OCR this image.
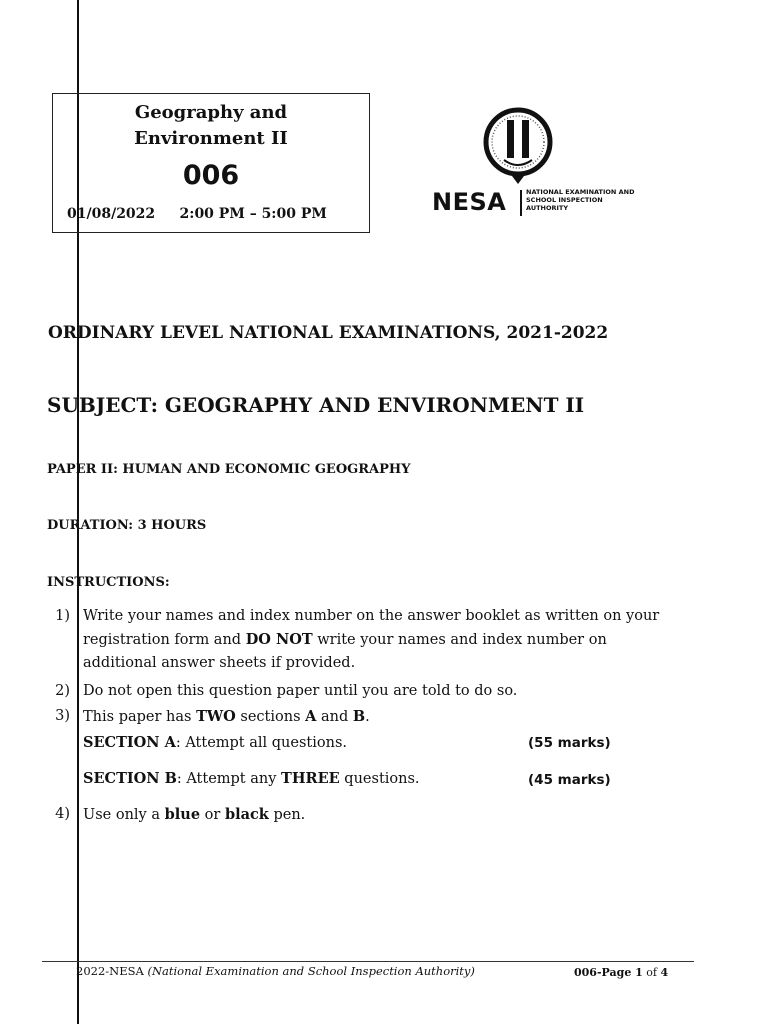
Geography and
Environment II
006
01/08/2022 2:00 PM – 5:00 PM	NESA	NATIONAL EXAMINATION AND
SCHOOL INSPECTION
AUTHORITY
ORDINARY LEVEL NATIONAL EXAMINATIONS, 2021-2022
SUBJECT: GEOGRAPHY AND ENVIRONMENT II
PAPER II: HUMAN AND ECONOMIC GEOGRAPHY
DURATION: 3 HOURS
INSTRUCTIONS:
1) Write your names and index number on the answer booklet as written on your
registration form and DO NOT write your names and index number on
additional answer sheets if provided.
2) Do not open this question paper until you are told to do so.
3) This paper has TWO sections A and B.
SECTION A: Attempt all questions.	(55 marks)
SECTION B: Attempt any THREE questions.	(45 marks)
4) Use only a blue or black pen.
2022-NESA (National Examination and School Inspection Authority)	006-Page 1 of 4
